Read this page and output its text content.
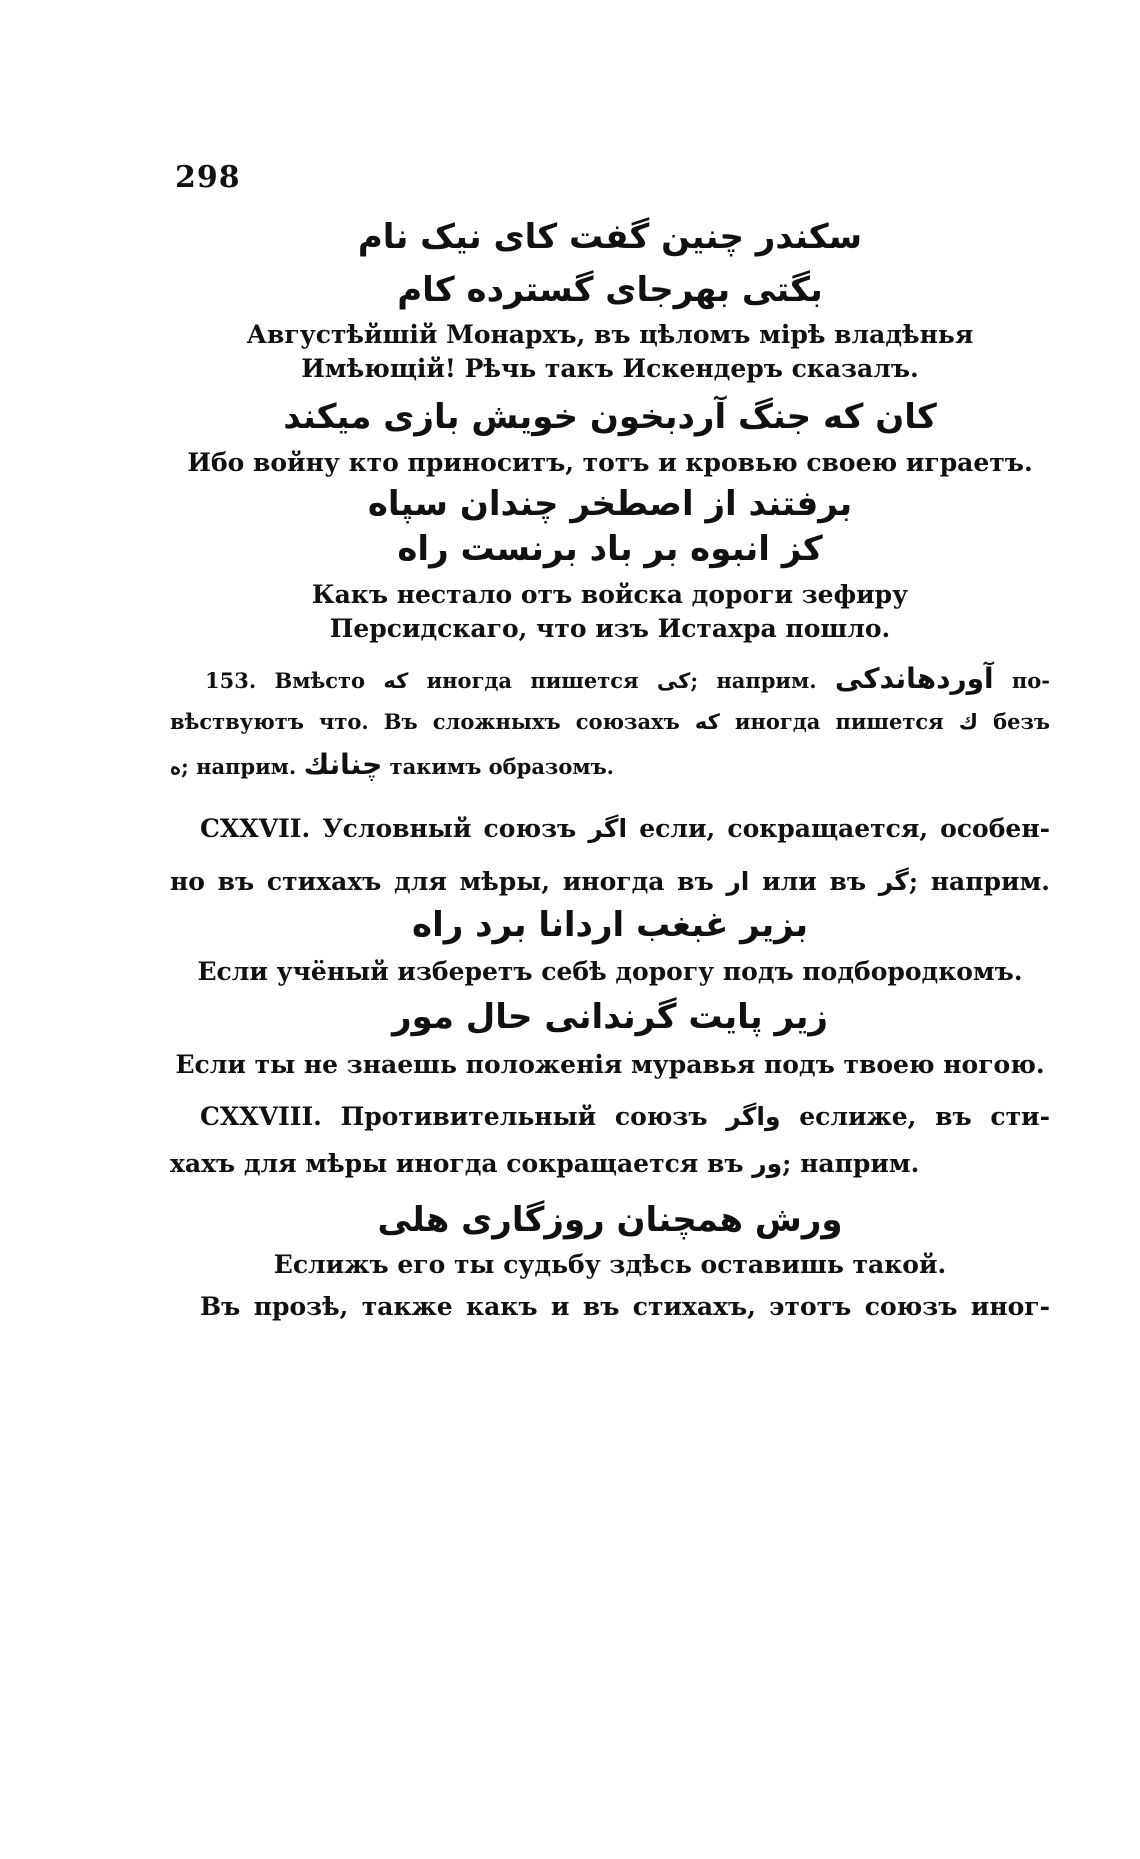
298
سکندر چنین گفت کای نیک نام
بگتی بهرجای گسترده کام
Августѣйшій Монархъ, въ цѣломъ мірѣ владѣнья
Имѣющій! Рѣчь такъ Искендеръ сказалъ.
کان که جنگ آردبخون خویش بازی میکند
Ибо войну кто приноситъ, тотъ и кровью своею играетъ.
برفتند از اصطخر چندان سپاه
کز انبوه بر باد برنست راه
Какъ нестало отъ войска дороги зефиру
Персидскаго, что изъ Истахра пошло.
153. Вмѣсто که иногда пишется کی; наприм. آوردهاندکی по-
вѣствуютъ что. Въ сложныхъ союзахъ که иногда пишется ك безъ
ه; наприм. چنانك такимъ образомъ.
CXXVII. Условный союзъ اگر если, сокращается, особен-
но въ стихахъ для мѣры, иногда въ ار или въ گر; наприм.
بزیر غبغب اردانا برد راه
Если учёный изберетъ себѣ дорогу подъ подбородкомъ.
زیر پایت گرندانی حال مور
Если ты не знаешь положенія муравья подъ твоею ногою.
CXXVIII. Противительный союзъ واگر еслиже, въ сти-
хахъ для мѣры иногда сокращается въ ور; наприм.
ورش همچنان روزگاری هلی
Еслижъ его ты судьбу здѣсь оставишь такой.
Въ прозѣ, также какъ и въ стихахъ, этотъ союзъ иног-
